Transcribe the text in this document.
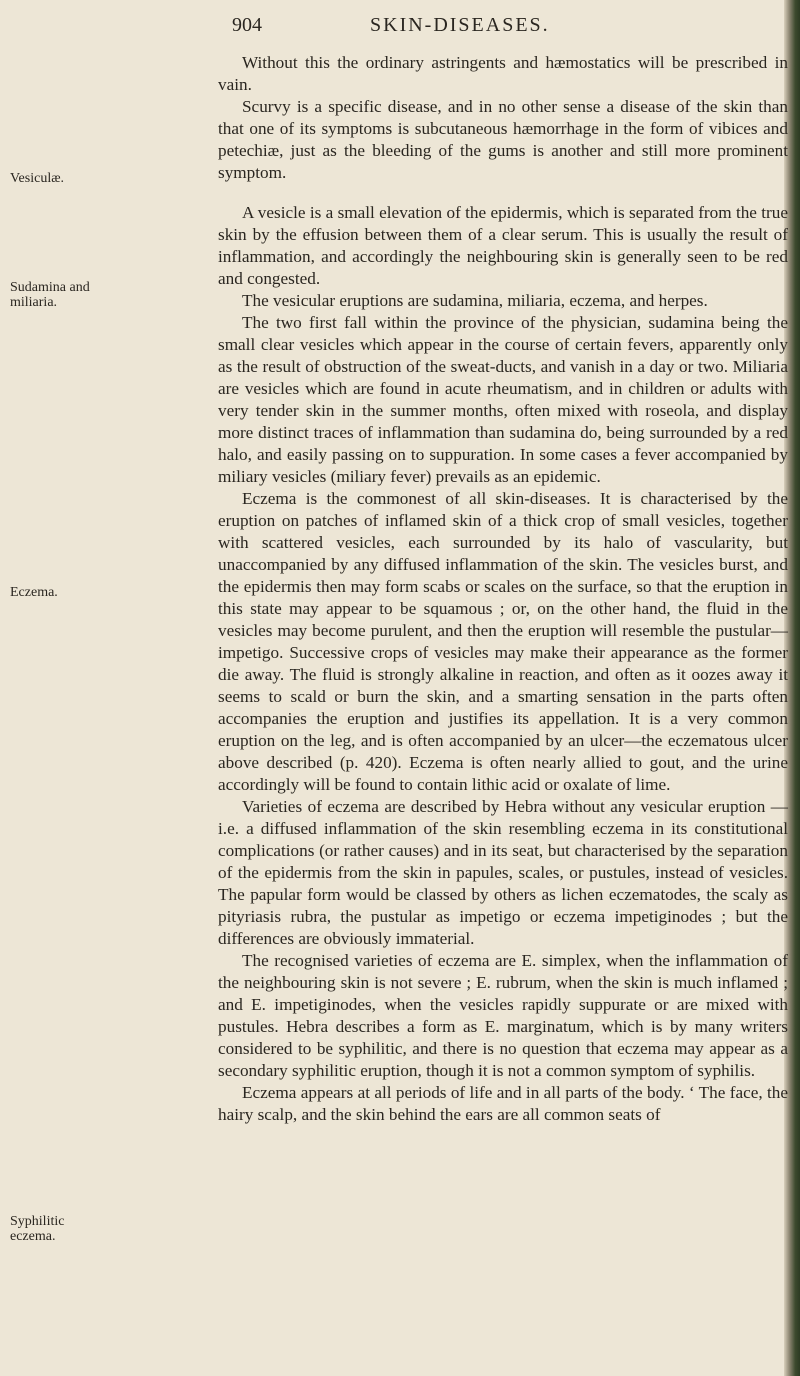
904	SKIN-DISEASES.
Vesiculæ.
Sudamina and miliaria.
Eczema.
Syphilitic eczema.

Without this the ordinary astringents and hæmostatics will be prescribed in vain.

Scurvy is a specific disease, and in no other sense a disease of the skin than that one of its symptoms is subcutaneous hæmorrhage in the form of vibices and petechiæ, just as the bleeding of the gums is another and still more prominent symptom.

A vesicle is a small elevation of the epidermis, which is separated from the true skin by the effusion between them of a clear serum. This is usually the result of inflammation, and accordingly the neighbouring skin is generally seen to be red and congested.

The vesicular eruptions are sudamina, miliaria, eczema, and herpes.

The two first fall within the province of the physician, sudamina being the small clear vesicles which appear in the course of certain fevers, apparently only as the result of obstruction of the sweat-ducts, and vanish in a day or two. Miliaria are vesicles which are found in acute rheumatism, and in children or adults with very tender skin in the summer months, often mixed with roseola, and display more distinct traces of inflammation than sudamina do, being surrounded by a red halo, and easily passing on to suppuration. In some cases a fever accompanied by miliary vesicles (miliary fever) prevails as an epidemic.

Eczema is the commonest of all skin-diseases. It is characterised by the eruption on patches of inflamed skin of a thick crop of small vesicles, together with scattered vesicles, each surrounded by its halo of vascularity, but unaccompanied by any diffused inflammation of the skin. The vesicles burst, and the epidermis then may form scabs or scales on the surface, so that the eruption in this state may appear to be squamous ; or, on the other hand, the fluid in the vesicles may become purulent, and then the eruption will resemble the pustular—impetigo. Successive crops of vesicles may make their appearance as the former die away. The fluid is strongly alkaline in reaction, and often as it oozes away it seems to scald or burn the skin, and a smarting sensation in the parts often accompanies the eruption and justifies its appellation. It is a very common eruption on the leg, and is often accompanied by an ulcer—the eczematous ulcer above described (p. 420). Eczema is often nearly allied to gout, and the urine accordingly will be found to contain lithic acid or oxalate of lime.

Varieties of eczema are described by Hebra without any vesicular eruption —i.e. a diffused inflammation of the skin resembling eczema in its constitutional complications (or rather causes) and in its seat, but characterised by the separation of the epidermis from the skin in papules, scales, or pustules, instead of vesicles. The papular form would be classed by others as lichen eczematodes, the scaly as pityriasis rubra, the pustular as impetigo or eczema impetiginodes ; but the differences are obviously immaterial.

The recognised varieties of eczema are E. simplex, when the inflammation of the neighbouring skin is not severe ; E. rubrum, when the skin is much inflamed ; and E. impetiginodes, when the vesicles rapidly suppurate or are mixed with pustules. Hebra describes a form as E. marginatum, which is by many writers considered to be syphilitic, and there is no question that eczema may appear as a secondary syphilitic eruption, though it is not a common symptom of syphilis.

Eczema appears at all periods of life and in all parts of the body. ‘ The face, the hairy scalp, and the skin behind the ears are all common seats of
